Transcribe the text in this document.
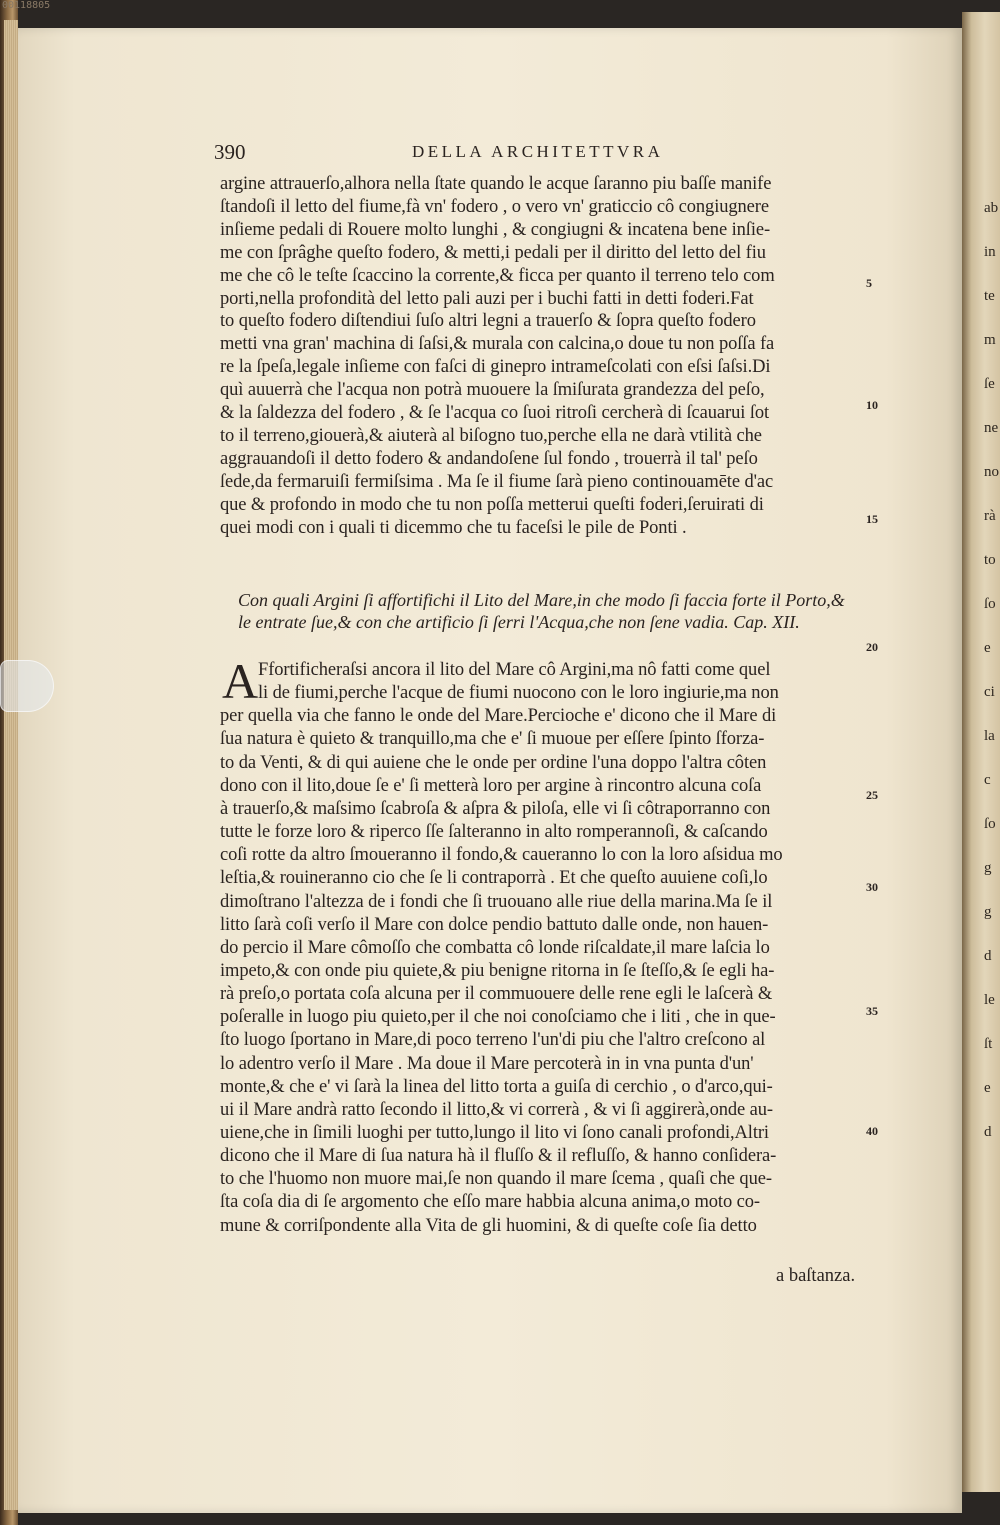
00118805
ab
in
te
m
ſe
ne
no
rà
to
ſo
e
ci
la
c
ſo
g
g
d
le
ſt
e
d
390	DELLA ARCHITETTVRA
argine attrauerſo,alhora nella ſtate quando le acque ſaranno piu baſſe manife
ſtandoſi il letto del fiume,fà vn' fodero , o vero vn' graticcio cô congiugnere
inſieme pedali di Rouere molto lunghi , & congiugni & incatena bene inſie-
me con ſprâghe queſto fodero, & metti,i pedali per il diritto del letto del fiu
me che cô le teſte ſcaccino la corrente,& ficca per quanto il terreno telo com
porti,nella profondità del letto pali auzi per i buchi fatti in detti foderi.Fat
to queſto fodero diſtendiui ſuſo altri legni a trauerſo & ſopra queſto fodero
metti vna gran' machina di ſaſsi,& murala con calcina,o doue tu non poſſa fa
re la ſpeſa,legale inſieme con faſci di ginepro intrameſcolati con eſsi ſaſsi.Di
quì auuerrà che l'acqua non potrà muouere la ſmiſurata grandezza del peſo,
& la ſaldezza del fodero , & ſe l'acqua co ſuoi ritroſi cercherà di ſcauarui ſot
to il terreno,giouerà,& aiuterà al biſogno tuo,perche ella ne darà vtilità che
aggrauandoſi il detto fodero & andandoſene ſul fondo , trouerrà il tal' peſo
ſede,da fermaruiſi fermiſsima . Ma ſe il fiume ſarà pieno continouamēte d'ac
que & profondo in modo che tu non poſſa metterui queſti foderi,ſeruirati di
quei modi con i quali ti dicemmo che tu faceſsi le pile de Ponti .
Con quali Argini ſi affortifichi il Lito del Mare,in che modo ſi faccia forte il Porto,&
le entrate ſue,& con che artificio ſi ſerri l'Acqua,che non ſene vadia. Cap. XII.
A Ffortificheraſsi ancora il lito del Mare cô Argini,ma nô fatti come quel
li de fiumi,perche l'acque de fiumi nuocono con le loro ingiurie,ma non
per quella via che fanno le onde del Mare.Percioche e' dicono che il Mare di
ſua natura è quieto & tranquillo,ma che e' ſi muoue per eſſere ſpinto ſforza-
to da Venti, & di qui auiene che le onde per ordine l'una doppo l'altra côten
dono con il lito,doue ſe e' ſi metterà loro per argine à rincontro alcuna coſa
à trauerſo,& maſsimo ſcabroſa & aſpra & piloſa, elle vi ſi côtraporranno con
tutte le forze loro & riperco ſſe ſalteranno in alto romperannoſi, & caſcando
coſi rotte da altro ſmoueranno il fondo,& caueranno lo con la loro aſsidua mo
leſtia,& rouineranno cio che ſe li contraporrà . Et che queſto auuiene coſi,lo
dimoſtrano l'altezza de i fondi che ſi truouano alle riue della marina.Ma ſe il
litto ſarà coſi verſo il Mare con dolce pendio battuto dalle onde, non hauen-
do percio il Mare cômoſſo che combatta cô londe riſcaldate,il mare laſcia lo
impeto,& con onde piu quiete,& piu benigne ritorna in ſe ſteſſo,& ſe egli ha-
rà preſo,o portata coſa alcuna per il commuouere delle rene egli le laſcerà &
poſeralle in luogo piu quieto,per il che noi conoſciamo che i liti , che in que-
ſto luogo ſportano in Mare,di poco terreno l'un'di piu che l'altro creſcono al
lo adentro verſo il Mare . Ma doue il Mare percoterà in in vna punta d'un'
monte,& che e' vi ſarà la linea del litto torta a guiſa di cerchio , o d'arco,qui-
ui il Mare andrà ratto ſecondo il litto,& vi correrà , & vi ſi aggirerà,onde au-
uiene,che in ſimili luoghi per tutto,lungo il lito vi ſono canali profondi,Altri
dicono che il Mare di ſua natura hà il fluſſo & il refluſſo, & hanno conſidera-
to che l'huomo non muore mai,ſe non quando il mare ſcema , quaſi che que-
ſta coſa dia di ſe argomento che eſſo mare habbia alcuna anima,o moto co-
mune & corriſpondente alla Vita de gli huomini, & di queſte coſe ſia detto
5
10
15
20
25
30
35
40
a baſtanza.
